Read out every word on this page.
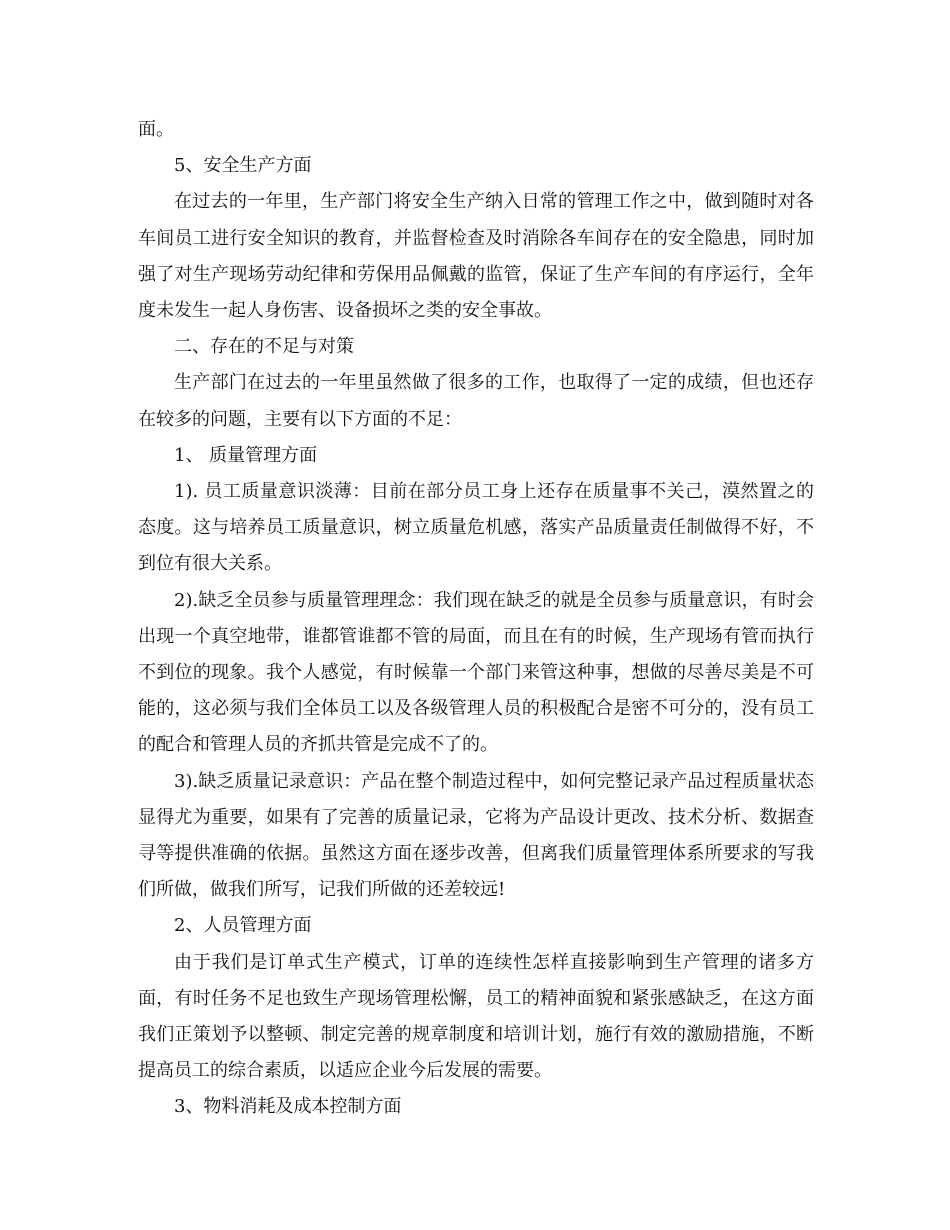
面。

5、安全生产方面

在过去的一年里，生产部门将安全生产纳入日常的管理工作之中，做到随时对各车间员工进行安全知识的教育，并监督检查及时消除各车间存在的安全隐患，同时加强了对生产现场劳动纪律和劳保用品佩戴的监管，保证了生产车间的有序运行，全年度未发生一起人身伤害、设备损坏之类的安全事故。

二、存在的不足与对策

生产部门在过去的一年里虽然做了很多的工作，也取得了一定的成绩，但也还存在较多的问题，主要有以下方面的不足：

1、 质量管理方面

1). 员工质量意识淡薄：目前在部分员工身上还存在质量事不关己，漠然置之的态度。这与培养员工质量意识，树立质量危机感，落实产品质量责任制做得不好，不到位有很大关系。

2).缺乏全员参与质量管理理念：我们现在缺乏的就是全员参与质量意识，有时会出现一个真空地带，谁都管谁都不管的局面，而且在有的时候，生产现场有管而执行不到位的现象。我个人感觉，有时候靠一个部门来管这种事，想做的尽善尽美是不可能的，这必须与我们全体员工以及各级管理人员的积极配合是密不可分的，没有员工的配合和管理人员的齐抓共管是完成不了的。

3).缺乏质量记录意识：产品在整个制造过程中，如何完整记录产品过程质量状态显得尤为重要，如果有了完善的质量记录，它将为产品设计更改、技术分析、数据查寻等提供准确的依据。虽然这方面在逐步改善，但离我们质量管理体系所要求的写我们所做，做我们所写，记我们所做的还差较远!

2、人员管理方面

由于我们是订单式生产模式，订单的连续性怎样直接影响到生产管理的诸多方面，有时任务不足也致生产现场管理松懈，员工的精神面貌和紧张感缺乏，在这方面我们正策划予以整顿、制定完善的规章制度和培训计划，施行有效的激励措施，不断提高员工的综合素质，以适应企业今后发展的需要。

3、物料消耗及成本控制方面
